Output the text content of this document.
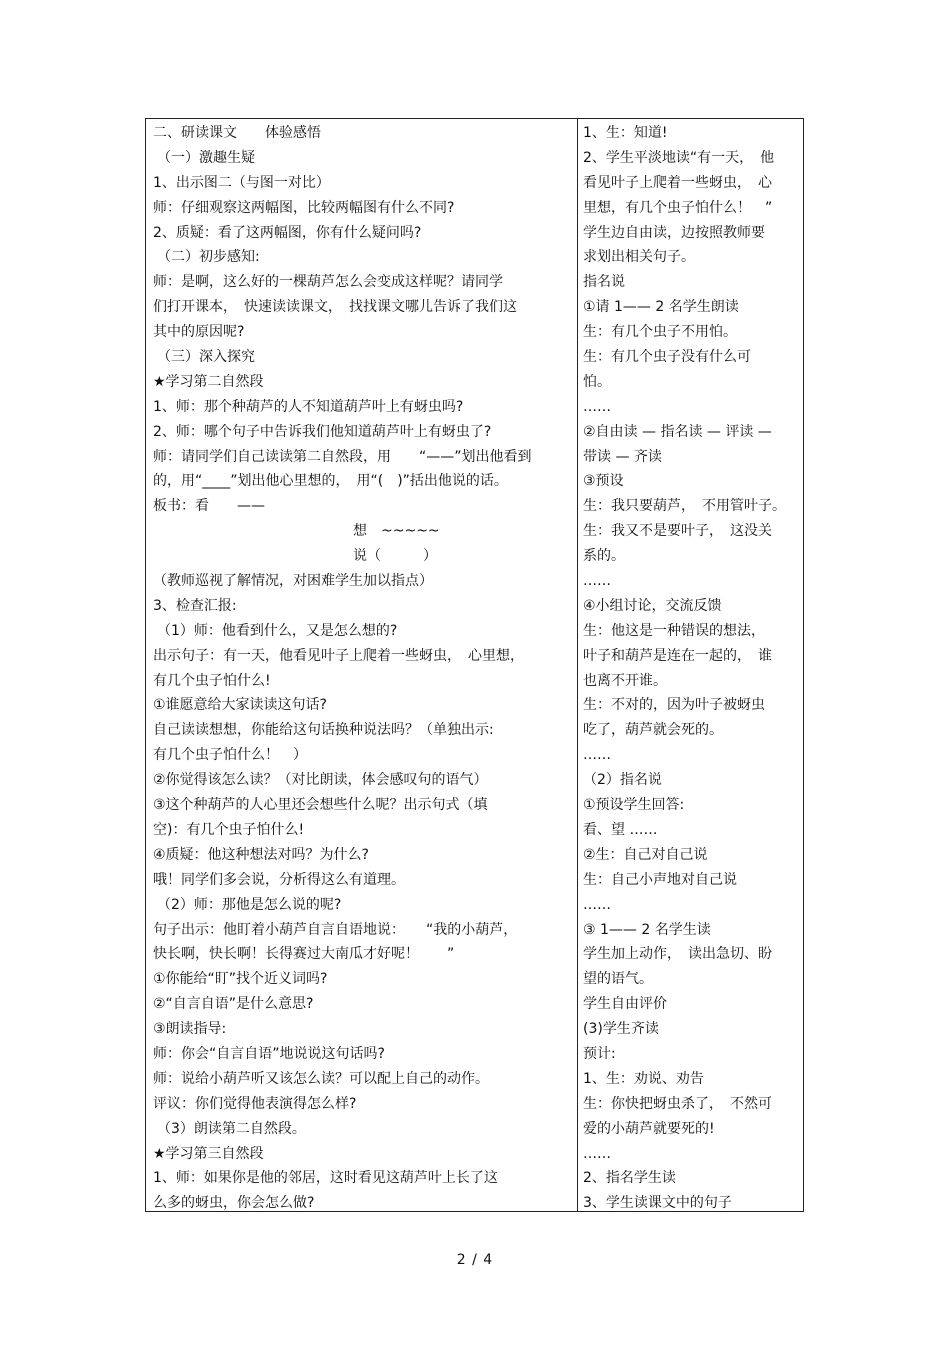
二、研读课文　　体验感悟
（一）激趣生疑
1、出示图二（与图一对比）
师：仔细观察这两幅图，比较两幅图有什么不同?
2、质疑：看了这两幅图，你有什么疑问吗?
（二）初步感知:
师：是啊，这么好的一棵葫芦怎么会变成这样呢？请同学
们打开课本，　快速读读课文，　找找课文哪儿告诉了我们这
其中的原因呢?
（三）深入探究
★学习第二自然段
1、师：那个种葫芦的人不知道葫芦叶上有蚜虫吗?
2、师：哪个句子中告诉我们他知道葫芦叶上有蚜虫了?
师：请同学们自己读读第二自然段，用　　“——”划出他看到
的，用“____”划出他心里想的，　用“(　)”括出他说的话。
板书：看　　——
想　~~~~~
说（　　　）
（教师巡视了解情况，对困难学生加以指点）
3、检查汇报:
（1）师：他看到什么，又是怎么想的?
出示句子：有一天，他看见叶子上爬着一些蚜虫，　心里想，
有几个虫子怕什么!
①谁愿意给大家读读这句话?
自己读读想想，你能给这句话换种说法吗？（单独出示:
有几个虫子怕什么！　）
②你觉得该怎么读？（对比朗读，体会感叹句的语气）
③这个种葫芦的人心里还会想些什么呢？出示句式（填
空)：有几个虫子怕什么!
④质疑：他这种想法对吗？为什么?
哦！同学们多会说，分析得这么有道理。
（2）师：那他是怎么说的呢?
句子出示：他盯着小葫芦自言自语地说：　　“我的小葫芦，
快长啊，快长啊！长得赛过大南瓜才好呢！　　”
①你能给“盯”找个近义词吗?
②“自言自语”是什么意思?
③朗读指导:
师：你会“自言自语”地说说这句话吗?
师：说给小葫芦听又该怎么读？可以配上自己的动作。
评议：你们觉得他表演得怎么样?
（3）朗读第二自然段。
★学习第三自然段
1、师：如果你是他的邻居，这时看见这葫芦叶上长了这
么多的蚜虫，你会怎么做?
1、生：知道!
2、学生平淡地读“有一天，　他
看见叶子上爬着一些蚜虫，　心
里想，有几个虫子怕什么！　”
学生边自由读，边按照教师要
求划出相关句子。
指名说
①请 1—— 2 名学生朗读
生：有几个虫子不用怕。
生：有几个虫子没有什么可
怕。
……
②自由读 — 指名读 — 评读 —
带读 — 齐读
③预设
生：我只要葫芦，　不用管叶子。
生：我又不是要叶子，　这没关
系的。
……
④小组讨论，交流反馈
生：他这是一种错误的想法，
叶子和葫芦是连在一起的，　谁
也离不开谁。
生：不对的，因为叶子被蚜虫
吃了，葫芦就会死的。
……
（2）指名说
①预设学生回答:
看、望 ……
②生：自己对自己说
生：自己小声地对自己说
……
③ 1—— 2 名学生读
学生加上动作，　读出急切、盼
望的语气。
学生自由评价
(3)学生齐读
预计:
1、生：劝说、劝告
生：你快把蚜虫杀了，　不然可
爱的小葫芦就要死的!
……
2、指名学生读
3、学生读课文中的句子
2 / 4
